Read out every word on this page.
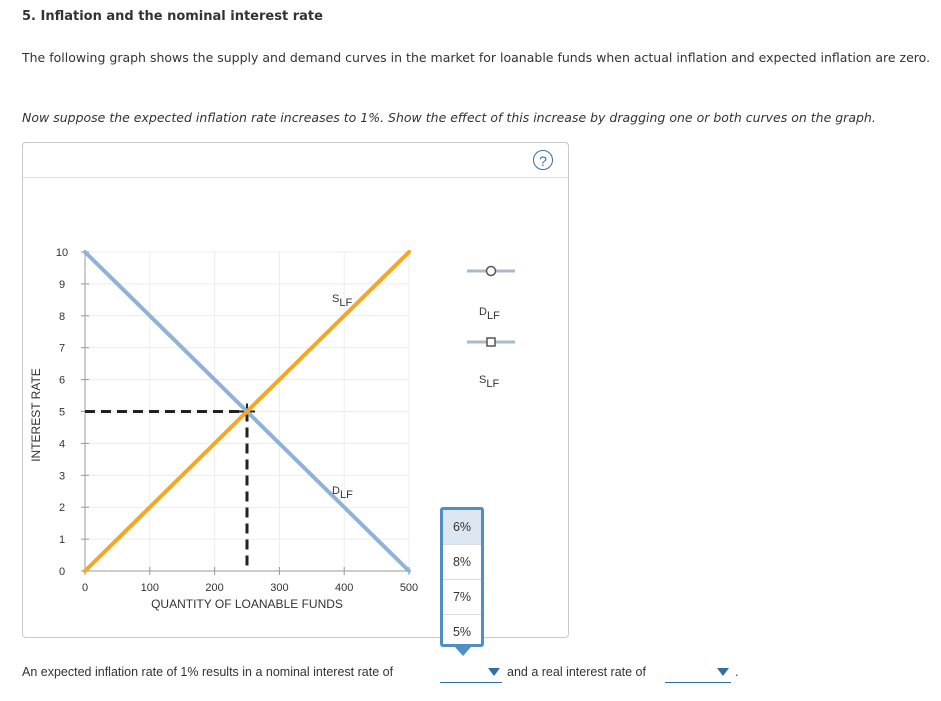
5. Inflation and the nominal interest rate
The following graph shows the supply and demand curves in the market for loanable funds when actual inflation and expected inflation are zero.
Now suppose the expected inflation rate increases to 1%. Show the effect of this increase by dragging one or both curves on the graph.
?
0
1
2
3
4
5
6
7
8
9
10
0	100	200	300	400	500
INTEREST RATE
QUANTITY OF LOANABLE FUNDS
SLF
DLF
DLF
SLF
An expected inflation rate of 1% results in a nominal interest rate of	and a real interest rate of	.
6%
8%
7%
5%
